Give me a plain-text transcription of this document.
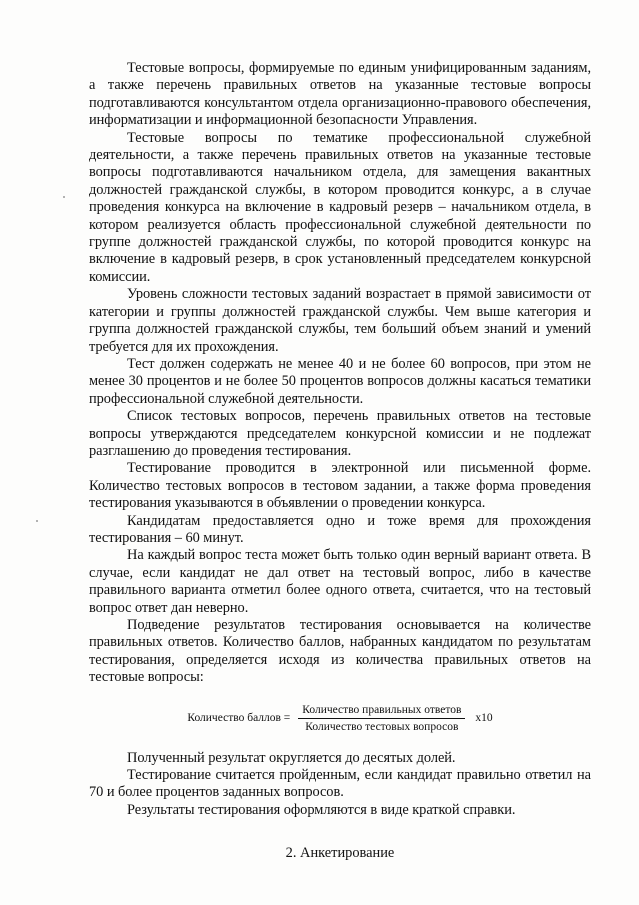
Тестовые вопросы, формируемые по единым унифицированным заданиям, а также перечень правильных ответов на указанные тестовые вопросы подготавливаются консультантом отдела организационно-правового обеспечения, информатизации и информационной безопасности Управления.

Тестовые вопросы по тематике профессиональной служебной деятельности, а также перечень правильных ответов на указанные тестовые вопросы подготавливаются начальником отдела, для замещения вакантных должностей гражданской службы, в котором проводится конкурс, а в случае проведения конкурса на включение в кадровый резерв – начальником отдела, в котором реализуется область профессиональной служебной деятельности по группе должностей гражданской службы, по которой проводится конкурс на включение в кадровый резерв, в срок установленный председателем конкурсной комиссии.

Уровень сложности тестовых заданий возрастает в прямой зависимости от категории и группы должностей гражданской службы. Чем выше категория и группа должностей гражданской службы, тем больший объем знаний и умений требуется для их прохождения.

Тест должен содержать не менее 40 и не более 60 вопросов, при этом не менее 30 процентов и не более 50 процентов вопросов должны касаться тематики профессиональной служебной деятельности.

Список тестовых вопросов, перечень правильных ответов на тестовые вопросы утверждаются председателем конкурсной комиссии и не подлежат разглашению до проведения тестирования.

Тестирование проводится в электронной или письменной форме. Количество тестовых вопросов в тестовом задании, а также форма проведения тестирования указываются в объявлении о проведении конкурса.

Кандидатам предоставляется одно и тоже время для прохождения тестирования – 60 минут.

На каждый вопрос теста может быть только один верный вариант ответа. В случае, если кандидат не дал ответ на тестовый вопрос, либо в качестве правильного варианта отметил более одного ответа, считается, что на тестовый вопрос ответ дан неверно.

Подведение результатов тестирования основывается на количестве правильных ответов. Количество баллов, набранных кандидатом по результатам тестирования, определяется исходя из количества правильных ответов на тестовые вопросы:

Количество баллов = $\frac{\text{Количество правильных ответов}}{\text{Количество тестовых вопросов}} x10$

Полученный результат округляется до десятых долей.

Тестирование считается пройденным, если кандидат правильно ответил на 70 и более процентов заданных вопросов.

Результаты тестирования оформляются в виде краткой справки.

2. Анкетирование
